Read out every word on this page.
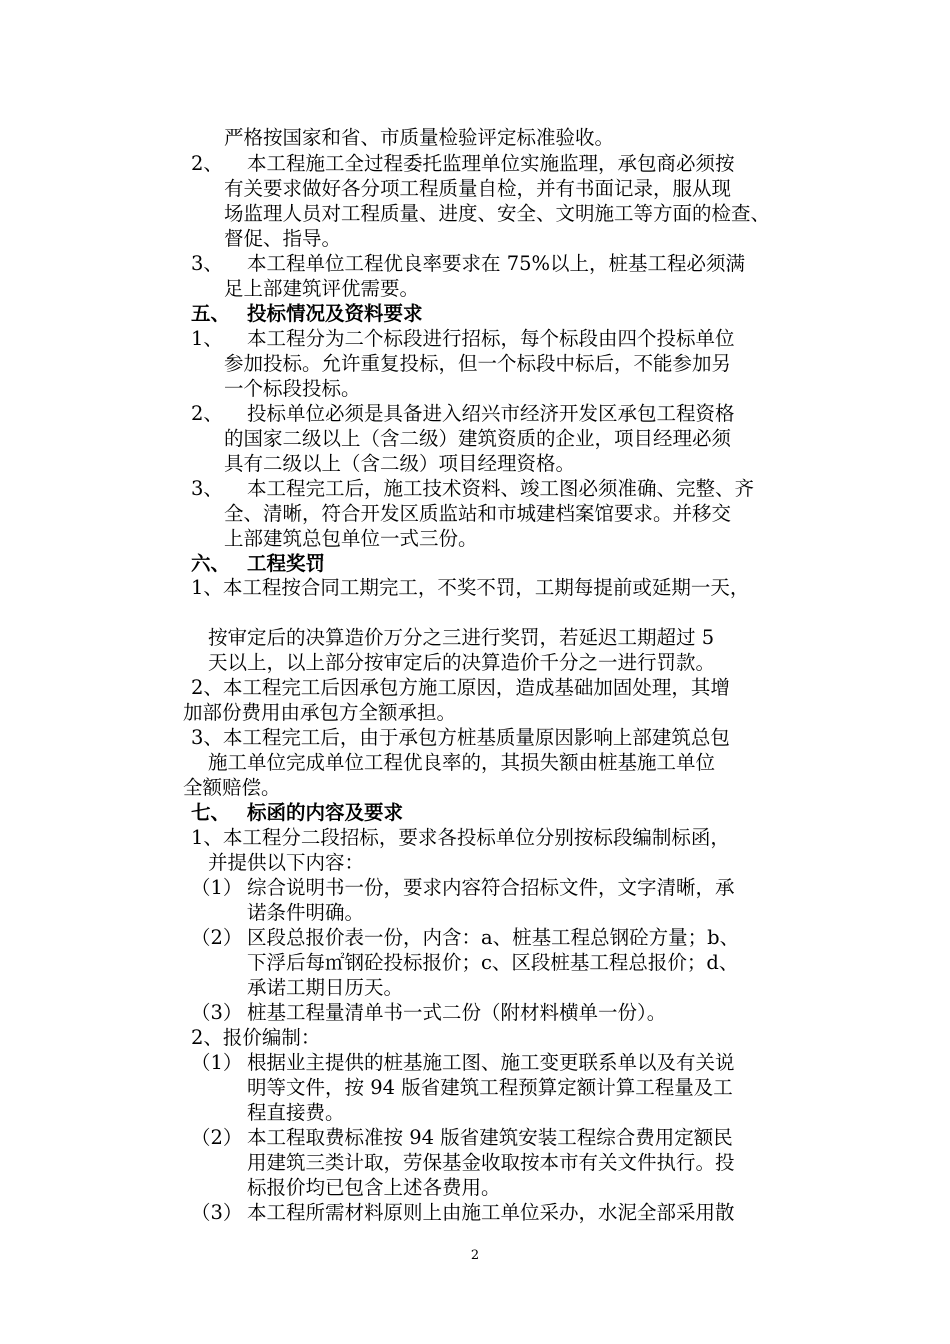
严格按国家和省、市质量检验评定标准验收。
2、 本工程施工全过程委托监理单位实施监理，承包商必须按
有关要求做好各分项工程质量自检，并有书面记录，服从现
场监理人员对工程质量、进度、安全、文明施工等方面的检查、
督促、指导。
3、 本工程单位工程优良率要求在 75%以上，桩基工程必须满
足上部建筑评优需要。
五、 投标情况及资料要求
1、 本工程分为二个标段进行招标，每个标段由四个投标单位
参加投标。允许重复投标，但一个标段中标后，不能参加另
一个标段投标。
2、 投标单位必须是具备进入绍兴市经济开发区承包工程资格
的国家二级以上（含二级）建筑资质的企业，项目经理必须
具有二级以上（含二级）项目经理资格。
3、 本工程完工后，施工技术资料、竣工图必须准确、完整、齐
全、清晰，符合开发区质监站和市城建档案馆要求。并移交
上部建筑总包单位一式三份。
六、 工程奖罚
1、本工程按合同工期完工，不奖不罚，工期每提前或延期一天，
按审定后的决算造价万分之三进行奖罚，若延迟工期超过 5
天以上，以上部分按审定后的决算造价千分之一进行罚款。
2、本工程完工后因承包方施工原因，造成基础加固处理，其增
加部份费用由承包方全额承担。
3、本工程完工后，由于承包方桩基质量原因影响上部建筑总包
施工单位完成单位工程优良率的，其损失额由桩基施工单位
全额赔偿。
七、 标函的内容及要求
1、本工程分二段招标，要求各投标单位分别按标段编制标函，
并提供以下内容：
（1） 综合说明书一份，要求内容符合招标文件，文字清晰，承
诺条件明确。
（2） 区段总报价表一份，内含：a、桩基工程总钢砼方量；b、
下浮后每㎡钢砼投标报价；c、区段桩基工程总报价；d、
承诺工期日历天。
（3） 桩基工程量清单书一式二份（附材料横单一份）。
2、报价编制：
（1） 根据业主提供的桩基施工图、施工变更联系单以及有关说
明等文件，按 94 版省建筑工程预算定额计算工程量及工
程直接费。
（2） 本工程取费标准按 94 版省建筑安装工程综合费用定额民
用建筑三类计取，劳保基金收取按本市有关文件执行。投
标报价均已包含上述各费用。
（3） 本工程所需材料原则上由施工单位采办，水泥全部采用散
2
